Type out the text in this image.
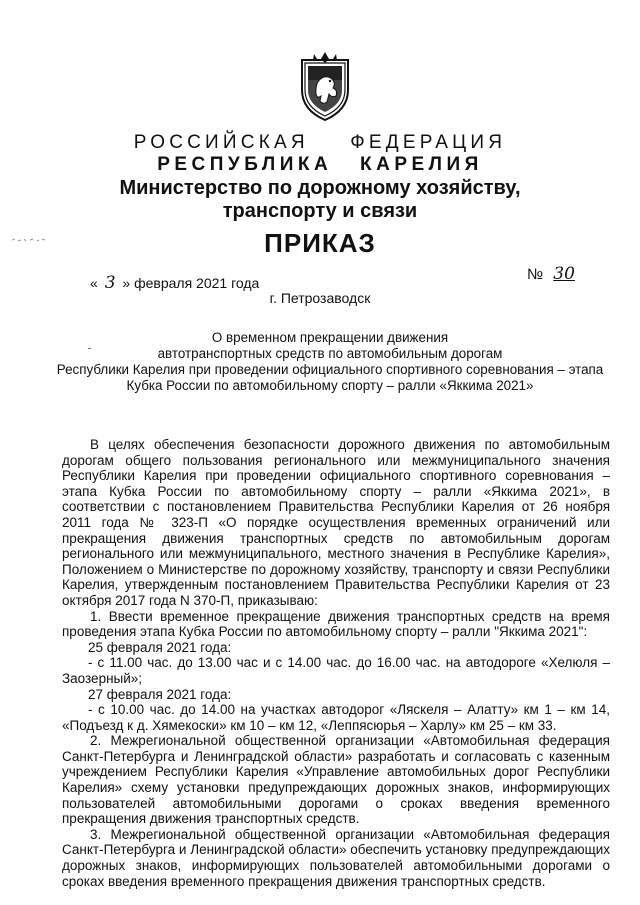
РОССИЙСКАЯ ФЕДЕРАЦИЯ
РЕСПУБЛИКА КАРЕЛИЯ
Министерство по дорожному хозяйству,
транспорту и связи
ПРИКАЗ
« 3 » февраля 2021 года	№ 30
г. Петрозаводск
О временном прекращении движения
автотранспортных средств по автомобильным дорогам
Республики Карелия при проведении официального спортивного соревнования – этапа
Кубка России по автомобильному спорту – ралли «Яккима 2021»

В целях обеспечения безопасности дорожного движения по автомобильным дорогам общего пользования регионального или межмуниципального значения Республики Карелия при проведении официального спортивного соревнования – этапа Кубка России по автомобильному спорту – ралли «Яккима 2021», в соответствии с постановлением Правительства Республики Карелия от 26 ноября 2011 года № 323-П «О порядке осуществления временных ограничений или прекращения движения транспортных средств по автомобильным дорогам регионального или межмуниципального, местного значения в Республике Карелия», Положением о Министерстве по дорожному хозяйству, транспорту и связи Республики Карелия, утвержденным постановлением Правительства Республики Карелия от 23 октября 2017 года N 370-П, приказываю:

1. Ввести временное прекращение движения транспортных средств на время проведения этапа Кубка России по автомобильному спорту – ралли "Яккима 2021":

25 февраля 2021 года:

- с 11.00 час. до 13.00 час и с 14.00 час. до 16.00 час. на автодороге «Хелюля – Заозерный»;

27 февраля 2021 года:

- с 10.00 час. до 14.00 на участках автодорог «Ляскеля – Алатту» км 1 – км 14, «Подъезд к д. Хямекоски» км 10 – км 12, «Леппясюрья – Харлу» км 25 – км 33.

2. Межрегиональной общественной организации «Автомобильная федерация Санкт-Петербурга и Ленинградской области» разработать и согласовать с казенным учреждением Республики Карелия «Управление автомобильных дорог Республики Карелия» схему установки предупреждающих дорожных знаков, информирующих пользователей автомобильными дорогами о сроках введения временного прекращения движения транспортных средств.

3. Межрегиональной общественной организации «Автомобильная федерация Санкт-Петербурга и Ленинградской области» обеспечить установку предупреждающих дорожных знаков, информирующих пользователей автомобильными дорогами о сроках введения временного прекращения движения транспортных средств.
